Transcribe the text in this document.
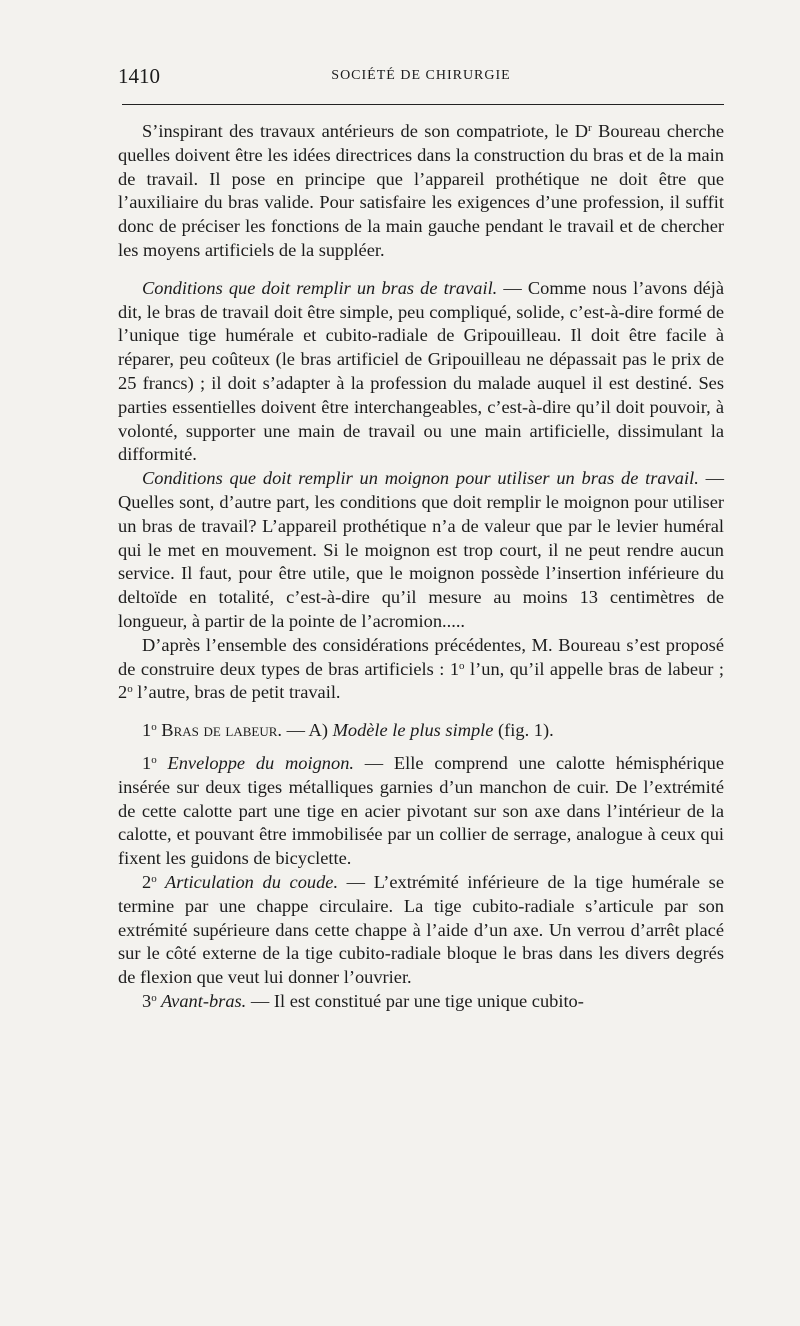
1410	SOCIÉTÉ DE CHIRURGIE

S’inspirant des travaux antérieurs de son compatriote, le $D^r$ Boureau cherche quelles doivent être les idées directrices dans la construction du bras et de la main de travail. Il pose en principe que l’appareil prothétique ne doit être que l’auxiliaire du bras valide. Pour satisfaire les exigences d’une profession, il suffit donc de préciser les fonctions de la main gauche pendant le travail et de chercher les moyens artificiels de la suppléer.

Conditions que doit remplir un bras de travail. — Comme nous l’avons déjà dit, le bras de travail doit être simple, peu compliqué, solide, c’est-à-dire formé de l’unique tige humérale et cubito-radiale de Gripouilleau. Il doit être facile à réparer, peu coûteux (le bras artificiel de Gripouilleau ne dépassait pas le prix de 25 francs) ; il doit s’adapter à la profession du malade auquel il est destiné. Ses parties essentielles doivent être interchangeables, c’est-à-dire qu’il doit pouvoir, à volonté, supporter une main de travail ou une main artificielle, dissimulant la difformité.

Conditions que doit remplir un moignon pour utiliser un bras de travail. — Quelles sont, d’autre part, les conditions que doit remplir le moignon pour utiliser un bras de travail? L’appareil prothétique n’a de valeur que par le levier huméral qui le met en mouvement. Si le moignon est trop court, il ne peut rendre aucun service. Il faut, pour être utile, que le moignon possède l’insertion inférieure du deltoïde en totalité, c’est-à-dire qu’il mesure au moins 13 centimètres de longueur, à partir de la pointe de l’acromion.....

D’après l’ensemble des considérations précédentes, M. Boureau s’est proposé de construire deux types de bras artificiels : 1$^o$ l’un, qu’il appelle bras de labeur ; 2$^o$ l’autre, bras de petit travail.

1$^o$ Bras de labeur. — A) Modèle le plus simple (fig. 1).

1$^o$ Enveloppe du moignon. — Elle comprend une calotte hémisphérique insérée sur deux tiges métalliques garnies d’un manchon de cuir. De l’extrémité de cette calotte part une tige en acier pivotant sur son axe dans l’intérieur de la calotte, et pouvant être immobilisée par un collier de serrage, analogue à ceux qui fixent les guidons de bicyclette.

2$^o$ Articulation du coude. — L’extrémité inférieure de la tige humérale se termine par une chappe circulaire. La tige cubito-radiale s’articule par son extrémité supérieure dans cette chappe à l’aide d’un axe. Un verrou d’arrêt placé sur le côté externe de la tige cubito-radiale bloque le bras dans les divers degrés de flexion que veut lui donner l’ouvrier.

3$^o$ Avant-bras. — Il est constitué par une tige unique cubito-
